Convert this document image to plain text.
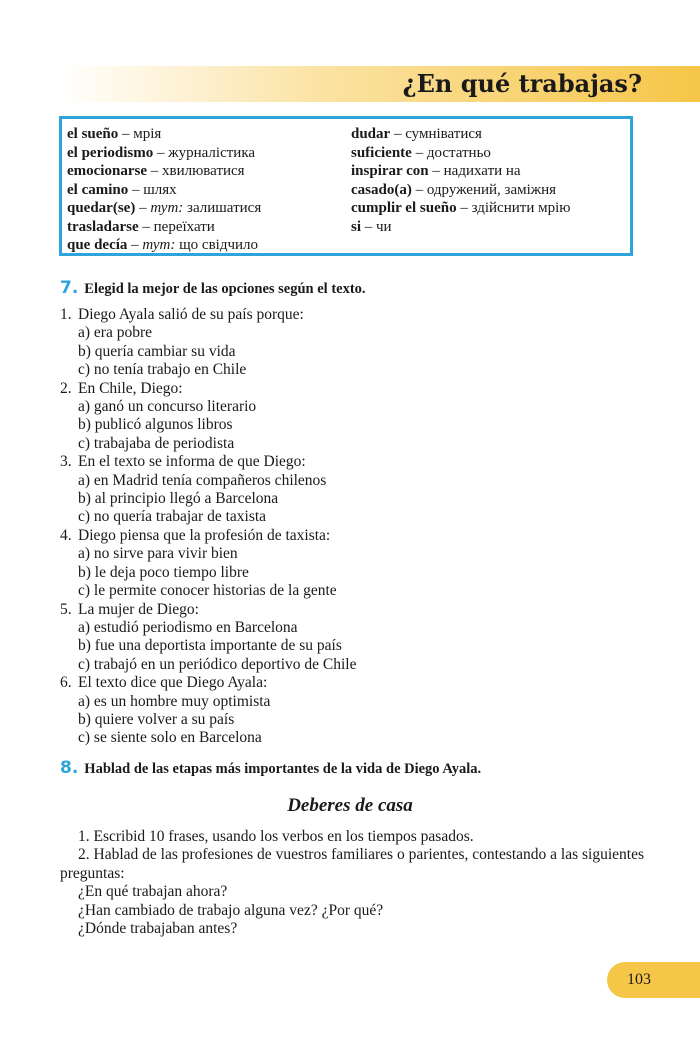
¿En qué trabajas?
el sueño – мрія
el periodismo – журналістика
emocionarse – хвилюватися
el camino – шлях
quedar(se) – тут: залишатися
trasladarse – переїхати
que decía – тут: що свідчило
dudar – сумніватися
suficiente – достатньо
inspirar con – надихати на
casado(a) – одружений, заміжня
cumplir el sueño – здійснити мрію
si – чи
7. Elegid la mejor de las opciones según el texto.
1. Diego Ayala salió de su país porque:
a) era pobre
b) quería cambiar su vida
c) no tenía trabajo en Chile
2. En Chile, Diego:
a) ganó un concurso literario
b) publicó algunos libros
c) trabajaba de periodista
3. En el texto se informa de que Diego:
a) en Madrid tenía compañeros chilenos
b) al principio llegó a Barcelona
c) no quería trabajar de taxista
4. Diego piensa que la profesión de taxista:
a) no sirve para vivir bien
b) le deja poco tiempo libre
c) le permite conocer historias de la gente
5. La mujer de Diego:
a) estudió periodismo en Barcelona
b) fue una deportista importante de su país
c) trabajó en un periódico deportivo de Chile
6. El texto dice que Diego Ayala:
a) es un hombre muy optimista
b) quiere volver a su país
c) se siente solo en Barcelona
8. Hablad de las etapas más importantes de la vida de Diego Ayala.
Deberes de casa
1. Escribid 10 frases, usando los verbos en los tiempos pasados.
2. Hablad de las profesiones de vuestros familiares o parientes, contestando a las siguientes preguntas:
¿En qué trabajan ahora?
¿Han cambiado de trabajo alguna vez? ¿Por qué?
¿Dónde trabajaban antes?
103
